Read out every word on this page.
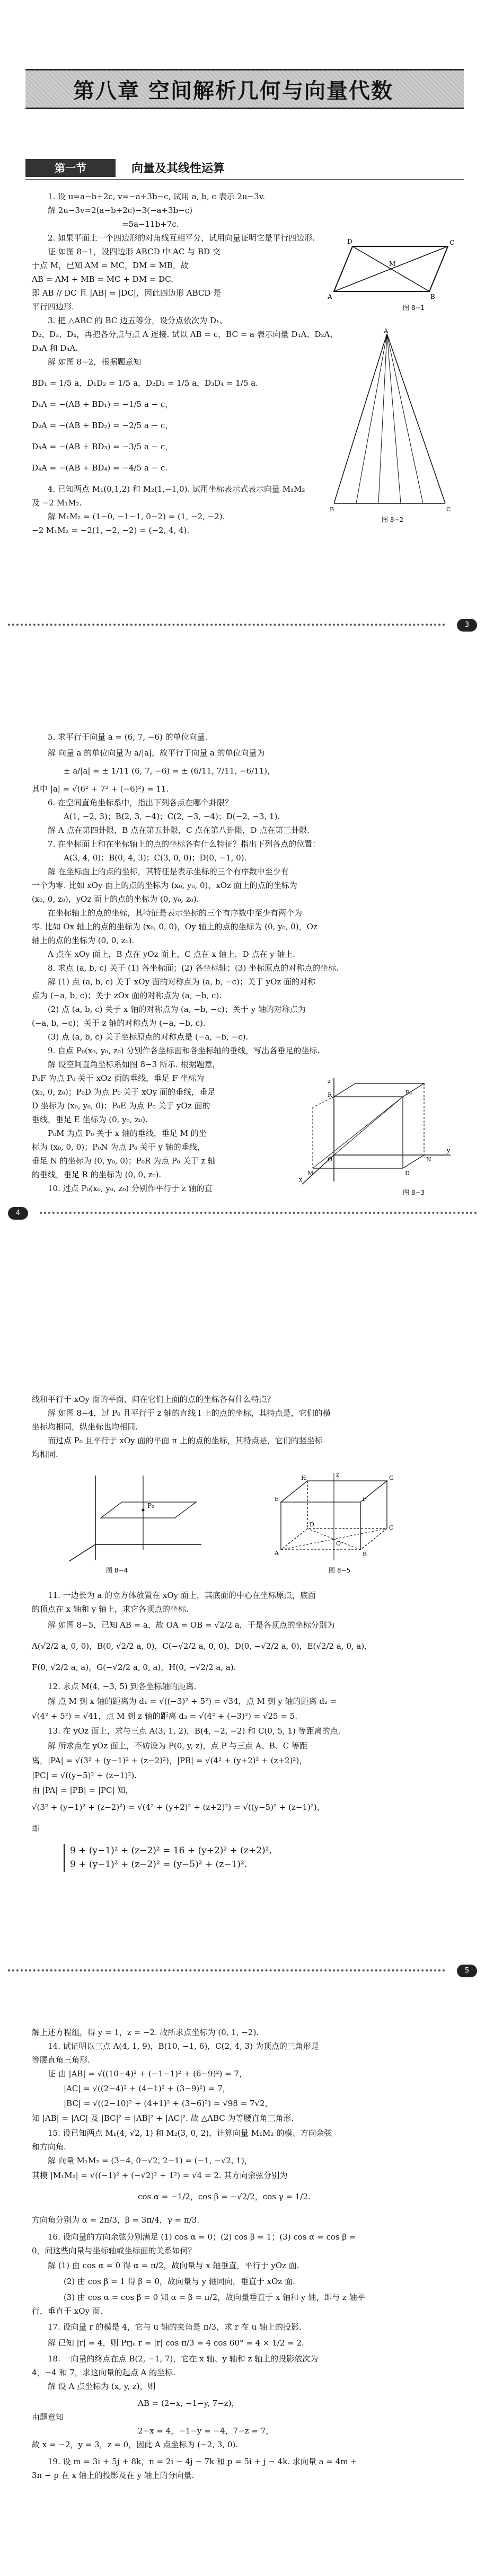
第八章 空间解析几何与向量代数
第一节	向量及其线性运算
1. 设 u=a−b+2c, v=−a+3b−c, 试用 a, b, c 表示 2u−3v.
解 2u−3v=2(a−b+2c)−3(−a+3b−c)
=5a−11b+7c.
2. 如果平面上一个四边形的对角线互相平分，试用向量证明它是平行四边形.
证 如图 8−1，设四边形 ABCD 中 AC 与 BD 交
于点 M，已知 AM = MC，DM = MB，故
AB = AM + MB = MC + DM = DC.
即 AB // DC 且 |AB| = |DC|，因此四边形 ABCD 是
平行四边形.
3. 把 △ABC 的 BC 边五等分，设分点依次为 D₁、
D₂、D₃、D₄，再把各分点与点 A 连接. 试以 AB = c，BC = a 表示向量 D₁A、D₂A、
D₃A 和 D₄A.
解 如图 8−2，根据题意知
BD₁ = 1/5 a，D₁D₂ = 1/5 a，D₂D₃ = 1/5 a，D₃D₄ = 1/5 a.
D₁A = −(AB + BD₁) = −1/5 a − c，
D₂A = −(AB + BD₂) = −2/5 a − c，
D₃A = −(AB + BD₃) = −3/5 a − c，
D₄A = −(AB + BD₄) = −4/5 a − c.
4. 已知两点 M₁(0,1,2) 和 M₂(1,−1,0). 试用坐标表示式表示向量 M₁M₂
及 −2 M₁M₂.
解 M₁M₂ = (1−0, −1−1, 0−2) = (1, −2, −2).
−2 M₁M₂ = −2(1, −2, −2) = (−2, 4, 4).
A	B
C
D
M
图 8−1
A
B	C
图 8−2
3
5. 求平行于向量 a = (6, 7, −6) 的单位向量.
解 向量 a 的单位向量为 a/|a|，故平行于向量 a 的单位向量为
± a/|a| = ± 1/11 (6, 7, −6) = ± (6/11, 7/11, −6/11)，
其中 |a| = √(6² + 7² + (−6)²) = 11.
6. 在空间直角坐标系中，指出下列各点在哪个卦限？
A(1, −2, 3)；B(2, 3, −4)；C(2, −3, −4)；D(−2, −3, 1).
解 A 点在第四卦限，B 点在第五卦限，C 点在第八卦限，D 点在第三卦限.
7. 在坐标面上和在坐标轴上的点的坐标各有什么特征？指出下列各点的位置：
A(3, 4, 0)；B(0, 4, 3)；C(3, 0, 0)；D(0, −1, 0).
解 在坐标面上的点的坐标，其特征是表示坐标的三个有序数中至少有
一个为零. 比如 xOy 面上的点的坐标为 (x₀, y₀, 0)，xOz 面上的点的坐标为
(x₀, 0, z₀)，yOz 面上的点的坐标为 (0, y₀, z₀).
在坐标轴上的点的坐标，其特征是表示坐标的三个有序数中至少有两个为
零. 比如 Ox 轴上的点的坐标为 (x₀, 0, 0)，Oy 轴上的点的坐标为 (0, y₀, 0)，Oz
轴上的点的坐标为 (0, 0, z₀).
A 点在 xOy 面上，B 点在 yOz 面上，C 点在 x 轴上，D 点在 y 轴上.
8. 求点 (a, b, c) 关于 (1) 各坐标面；(2) 各坐标轴；(3) 坐标原点的对称点的坐标.
解 (1) 点 (a, b, c) 关于 xOy 面的对称点为 (a, b, −c)；关于 yOz 面的对称
点为 (−a, b, c)；关于 zOx 面的对称点为 (a, −b, c).
(2) 点 (a, b, c) 关于 x 轴的对称点为 (a, −b, −c)；关于 y 轴的对称点为
(−a, b, −c)；关于 z 轴的对称点为 (−a, −b, c).
(3) 点 (a, b, c) 关于坐标原点的对称点是 (−a, −b, −c).
9. 自点 P₀(x₀, y₀, z₀) 分别作各坐标面和各坐标轴的垂线，写出各垂足的坐标.
解 设空间直角坐标系如图 8−3 所示. 根据题意，
P₀F 为点 P₀ 关于 xOz 面的垂线，垂足 F 坐标为
(x₀, 0, z₀)；P₀D 为点 P₀ 关于 xOy 面的垂线，垂足
D 坐标为 (x₀, y₀, 0)；P₀E 为点 P₀ 关于 yOz 面的
垂线，垂足 E 坐标为 (0, y₀, z₀).
P₀M 为点 P₀ 关于 x 轴的垂线，垂足 M 的坐
标为 (x₀, 0, 0)；P₀N 为点 P₀ 关于 y 轴的垂线，
垂足 N 的坐标为 (0, y₀, 0)；P₀R 为点 P₀ 关于 z 轴
的垂线，垂足 R 的坐标为 (0, 0, z₀).
10. 过点 P₀(x₀, y₀, z₀) 分别作平行于 z 轴的直
P₀
z
y
x
O
R
M
N
D
图 8−3
4
线和平行于 xOy 面的平面，问在它们上面的点的坐标各有什么特点？
解 如图 8−4，过 P₀ 且平行于 z 轴的直线 l 上的点的坐标，其特点是，它们的横
坐标均相同，纵坐标也均相同.
而过点 P₀ 且平行于 xOy 面的平面 π 上的点的坐标，其特点是，它们的竖坐标
均相同.
P₀
图 8−4
A	B
C
D
E	F
G
H	z
O
图 8−5
11. 一边长为 a 的立方体放置在 xOy 面上，其底面的中心在坐标原点，底面
的顶点在 x 轴和 y 轴上，求它各顶点的坐标.
解 如图 8−5，已知 AB = a，故 OA = OB = √2/2 a，于是各顶点的坐标分别为
A(√2/2 a, 0, 0)，B(0, √2/2 a, 0)，C(−√2/2 a, 0, 0)，D(0, −√2/2 a, 0)，E(√2/2 a, 0, a)，
F(0, √2/2 a, a)，G(−√2/2 a, 0, a)，H(0, −√2/2 a, a).
12. 求点 M(4, −3, 5) 到各坐标轴的距离.
解 点 M 到 x 轴的距离为 d₁ = √((−3)² + 5²) = √34，点 M 到 y 轴的距离 d₂ =
√(4² + 5²) = √41，点 M 到 z 轴的距离 d₃ = √(4² + (−3)²) = √25 = 5.
13. 在 yOz 面上，求与三点 A(3, 1, 2)，B(4, −2, −2) 和 C(0, 5, 1) 等距离的点.
解 所求点在 yOz 面上，不妨设为 P(0, y, z)，点 P 与三点 A、B、C 等距
离，|PA| = √(3² + (y−1)² + (z−2)²)，|PB| = √(4² + (y+2)² + (z+2)²)，
|PC| = √((y−5)² + (z−1)²).
由 |PA| = |PB| = |PC| 知，
√(3² + (y−1)² + (z−2)²) = √(4² + (y+2)² + (z+2)²) = √((y−5)² + (z−1)²)，
即
9 + (y−1)² + (z−2)² = 16 + (y+2)² + (z+2)²,
9 + (y−1)² + (z−2)² = (y−5)² + (z−1)².
5
解上述方程组，得 y = 1，z = −2. 故所求点坐标为 (0, 1, −2).
14. 试证明以三点 A(4, 1, 9)，B(10, −1, 6)，C(2, 4, 3) 为顶点的三角形是
等腰直角三角形.
证 由 |AB| = √((10−4)² + (−1−1)² + (6−9)²) = 7，
|AC| = √((2−4)² + (4−1)² + (3−9)²) = 7，
|BC| = √((2−10)² + (4+1)² + (3−6)²) = √98 = 7√2，
知 |AB| = |AC| 及 |BC|² = |AB|² + |AC|². 故 △ABC 为等腰直角三角形.
15. 设已知两点 M₁(4, √2, 1) 和 M₂(3, 0, 2)，计算向量 M₁M₂ 的模、方向余弦
和方向角.
解 向量 M₁M₂ = (3−4, 0−√2, 2−1) = (−1, −√2, 1)，
其模 |M₁M₂| = √((−1)² + (−√2)² + 1²) = √4 = 2. 其方向余弦分别为
cos α = −1/2，cos β = −√2/2，cos γ = 1/2.
方向角分别为 α = 2π/3，β = 3π/4，γ = π/3.
16. 设向量的方向余弦分别满足 (1) cos α = 0；(2) cos β = 1；(3) cos α = cos β =
0，问这些向量与坐标轴或坐标面的关系如何？
解 (1) 由 cos α = 0 得 α = π/2，故向量与 x 轴垂直，平行于 yOz 面.
(2) 由 cos β = 1 得 β = 0，故向量与 y 轴同向，垂直于 xOz 面.
(3) 由 cos α = cos β = 0 知 α = β = π/2，故向量垂直于 x 轴和 y 轴，即与 z 轴平
行，垂直于 xOy 面.
17. 设向量 r 的模是 4，它与 u 轴的夹角是 π/3，求 r 在 u 轴上的投影.
解 已知 |r| = 4，则 Prjᵤ r = |r| cos π/3 = 4 cos 60° = 4 × 1/2 = 2.
18. 一向量的终点在点 B(2, −1, 7)，它在 x 轴、y 轴和 z 轴上的投影依次为
4，−4 和 7，求这向量的起点 A 的坐标.
解 设 A 点坐标为 (x, y, z)，则
AB = (2−x, −1−y, 7−z)，
由题意知
2−x = 4，−1−y = −4，7−z = 7，
故 x = −2，y = 3，z = 0，因此 A 点坐标为 (−2, 3, 0).
19. 设 m = 3i + 5j + 8k，n = 2i − 4j − 7k 和 p = 5i + j − 4k. 求向量 a = 4m +
3n − p 在 x 轴上的投影及在 y 轴上的分向量.
